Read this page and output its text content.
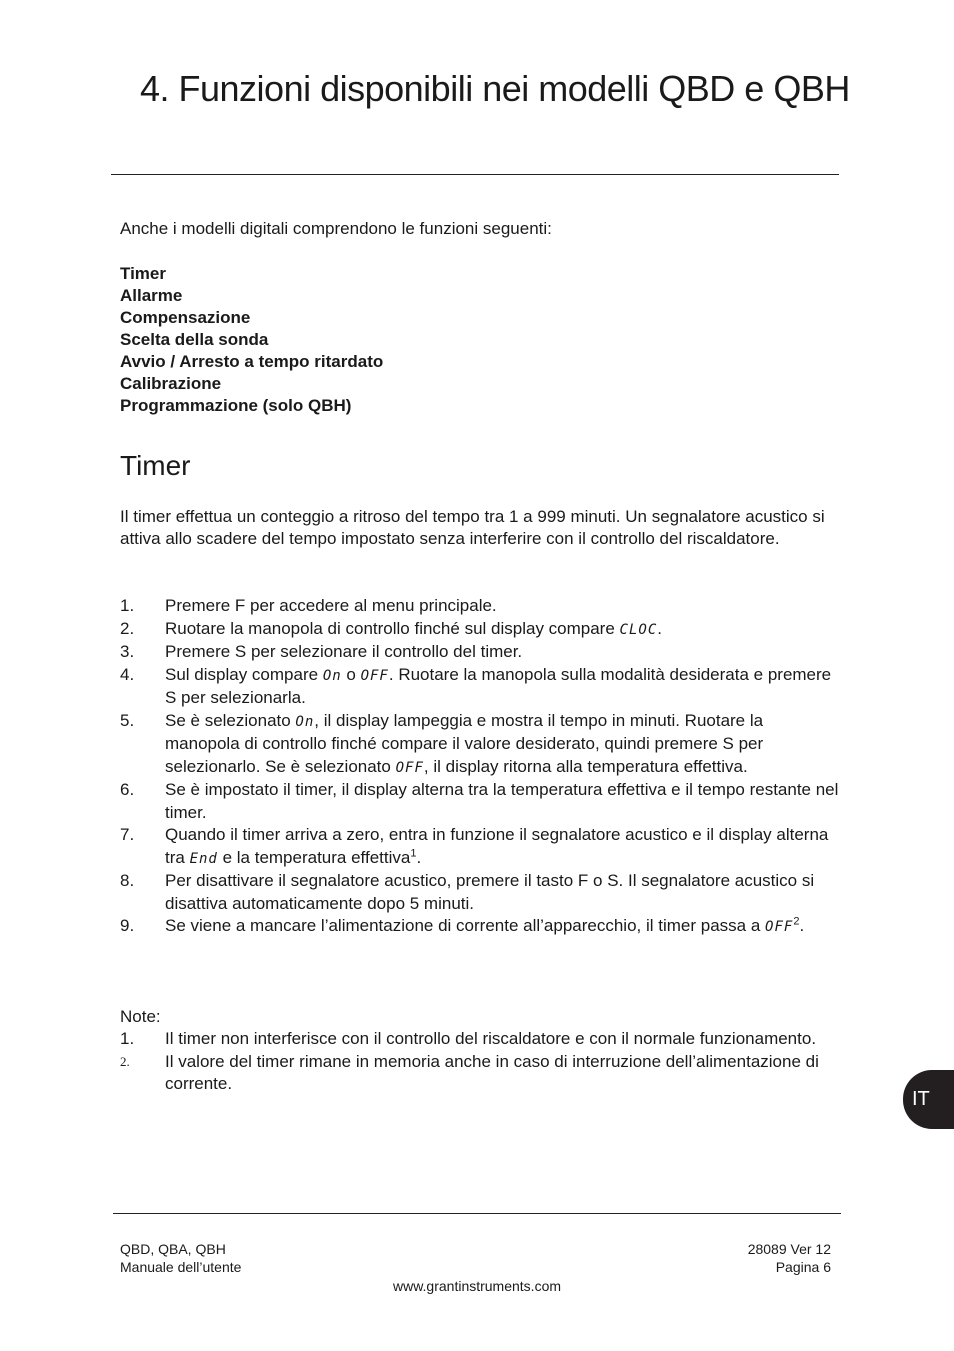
4. Funzioni disponibili nei modelli QBD e QBH

Anche i modelli digitali comprendono le funzioni seguenti:

Timer
Allarme
Compensazione
Scelta della sonda
Avvio / Arresto a tempo ritardato
Calibrazione
Programmazione (solo QBH)
Timer

Il timer effettua un conteggio a ritroso del tempo tra 1 a 999 minuti. Un segnalatore acustico si attiva allo scadere del tempo impostato senza interferire con il controllo del riscaldatore.

1. Premere F per accedere al menu principale.
2. Ruotare la manopola di controllo finché sul display compare CLOC.
3. Premere S per selezionare il controllo del timer.
4. Sul display compare On o OFF. Ruotare la manopola sulla modalità desiderata e premere S per selezionarla.
5. Se è selezionato On, il display lampeggia e mostra il tempo in minuti. Ruotare la manopola di controllo finché compare il valore desiderato, quindi premere S per selezionarlo. Se è selezionato OFF, il display ritorna alla temperatura effettiva.
6. Se è impostato il timer, il display alterna tra la temperatura effettiva e il tempo restante nel timer.
7. Quando il timer arriva a zero, entra in funzione il segnalatore acustico e il display alterna tra End e la temperatura effettiva$^1$.
8. Per disattivare il segnalatore acustico, premere il tasto F o S. Il segnalatore acustico si disattiva automaticamente dopo 5 minuti.
9. Se viene a mancare l’alimentazione di corrente all’apparecchio, il timer passa a OFF$^2$.

Note:

1. Il timer non interferisce con il controllo del riscaldatore e con il normale funzionamento.
2. Il valore del timer rimane in memoria anche in caso di interruzione dell’alimentazione di corrente.
IT
QBD, QBA, QBH
Manuale dell’utente
28089 Ver 12
Pagina 6
www.grantinstruments.com
